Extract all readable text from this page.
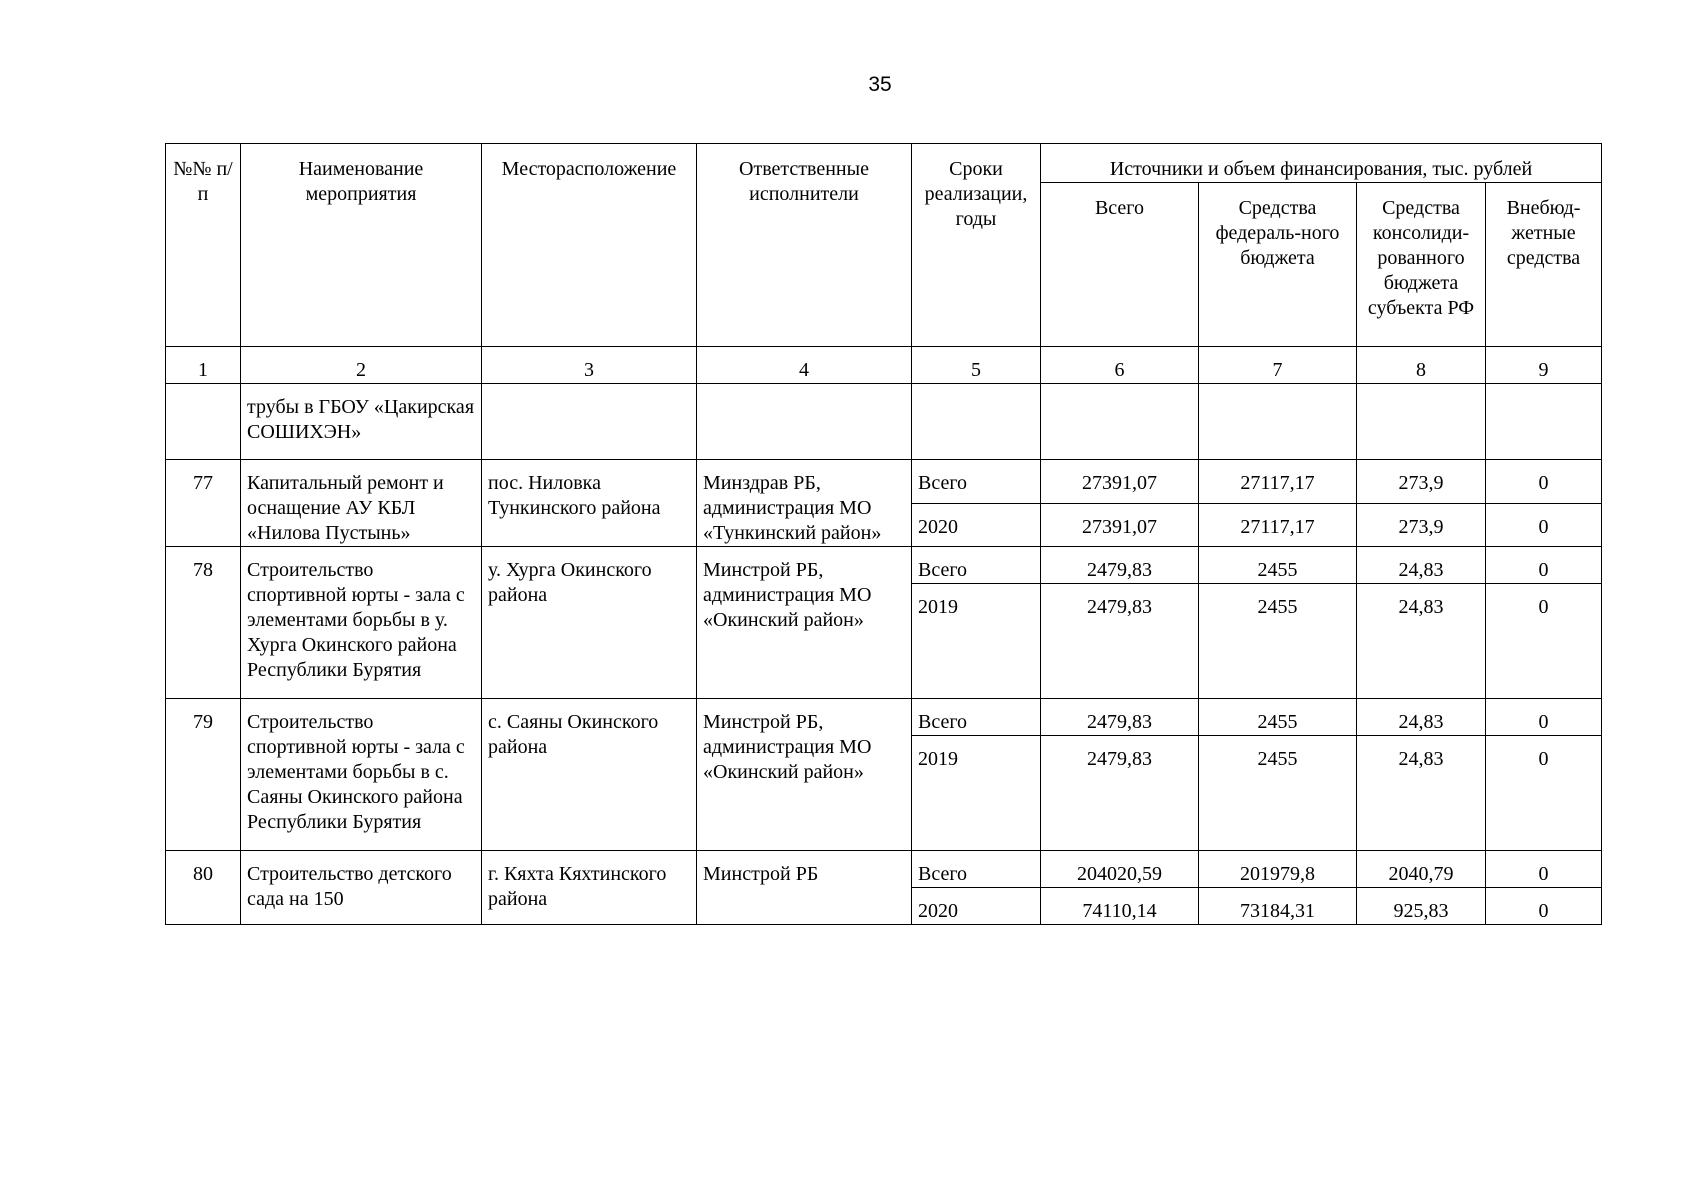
35
№№ п/п	Наименование мероприятия	Месторасположение	Ответственные исполнители	Сроки реализации, годы	Источники и объем финансирования, тыс. рублей			
					Всего	Средства федераль-ного бюджета	Средства консолиди-рованного бюджета субъекта РФ	Внебюд-жетные средства
1	2	3	4	5	6	7	8	9
	трубы в ГБОУ «Цакирская СОШИХЭН»							
77	Капитальный ремонт и оснащение АУ КБЛ «Нилова Пустынь»	пос. Ниловка Тункинского района	Минздрав РБ, администрация МО «Тункинский район»	Всего	27391,07	27117,17	273,9	0
				2020	27391,07	27117,17	273,9	0
78	Строительство спортивной юрты - зала с элементами борьбы в у. Хурга Окинского района Республики Бурятия	у. Хурга Окинского района	Минстрой РБ, администрация МО «Окинский район»	Всего	2479,83	2455	24,83	0
				2019	2479,83	2455	24,83	0
79	Строительство спортивной юрты - зала с элементами борьбы в с. Саяны Окинского района Республики Бурятия	с. Саяны Окинского района	Минстрой РБ, администрация МО «Окинский район»	Всего	2479,83	2455	24,83	0
				2019	2479,83	2455	24,83	0
80	Строительство детского сада на 150	г. Кяхта Кяхтинского района	Минстрой РБ	Всего	204020,59	201979,8	2040,79	0
				2020	74110,14	73184,31	925,83	0
